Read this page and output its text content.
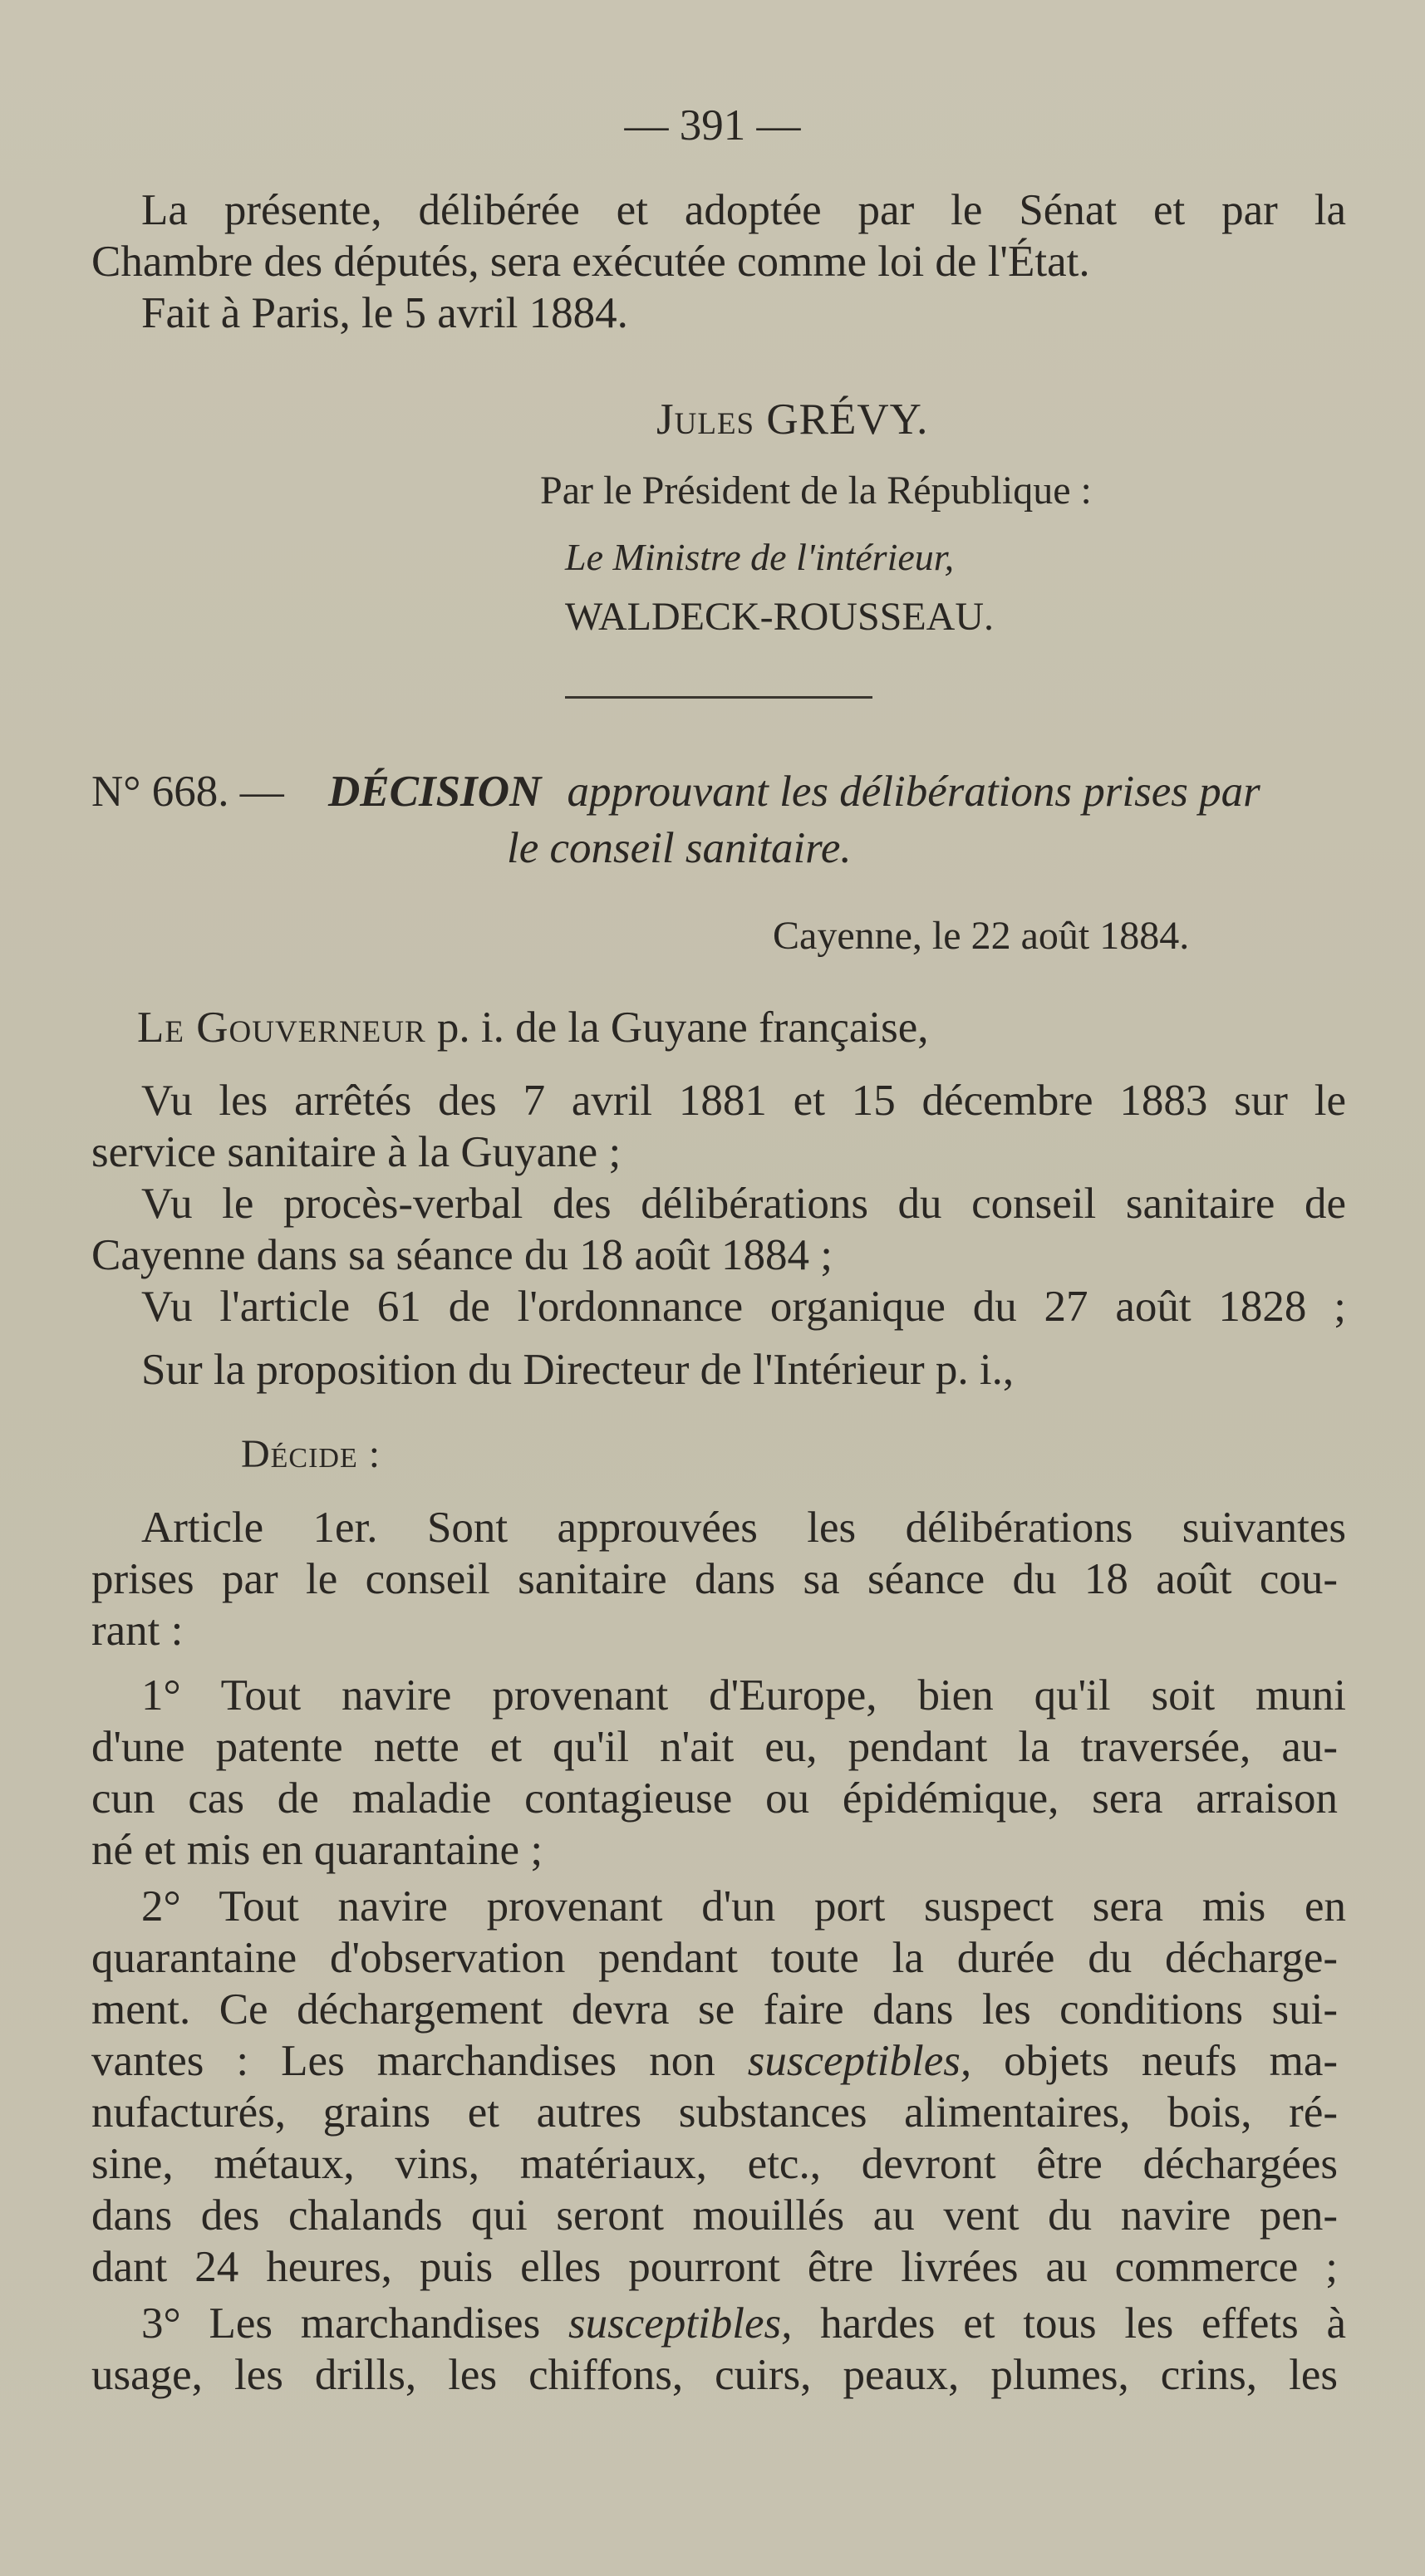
— 391 —
La présente, délibérée et adoptée par le Sénat et par la
Chambre des députés, sera exécutée comme loi de l'État.
Fait à Paris, le 5 avril 1884.
Jules GRÉVY.
Par le Président de la République :
Le Ministre de l'intérieur,
WALDECK-ROUSSEAU.
N° 668. — DÉCISION approuvant les délibérations prises par
le conseil sanitaire.
Cayenne, le 22 août 1884.
Le Gouverneur p. i. de la Guyane française,
Vu les arrêtés des 7 avril 1881 et 15 décembre 1883 sur le
service sanitaire à la Guyane ;
Vu le procès-verbal des délibérations du conseil sanitaire de
Cayenne dans sa séance du 18 août 1884 ;
Vu l'article 61 de l'ordonnance organique du 27 août 1828 ;
Sur la proposition du Directeur de l'Intérieur p. i.,
Décide :
Article 1er. Sont approuvées les délibérations suivantes
prises par le conseil sanitaire dans sa séance du 18 août cou-
rant :
1° Tout navire provenant d'Europe, bien qu'il soit muni
d'une patente nette et qu'il n'ait eu, pendant la traversée, au-
cun cas de maladie contagieuse ou épidémique, sera arraison
né et mis en quarantaine ;
2° Tout navire provenant d'un port suspect sera mis en
quarantaine d'observation pendant toute la durée du décharge-
ment. Ce déchargement devra se faire dans les conditions sui-
vantes : Les marchandises non susceptibles, objets neufs ma-
nufacturés, grains et autres substances alimentaires, bois, ré-
sine, métaux, vins, matériaux, etc., devront être déchargées
dans des chalands qui seront mouillés au vent du navire pen-
dant 24 heures, puis elles pourront être livrées au commerce ;
3° Les marchandises susceptibles, hardes et tous les effets à
usage, les drills, les chiffons, cuirs, peaux, plumes, crins, les
